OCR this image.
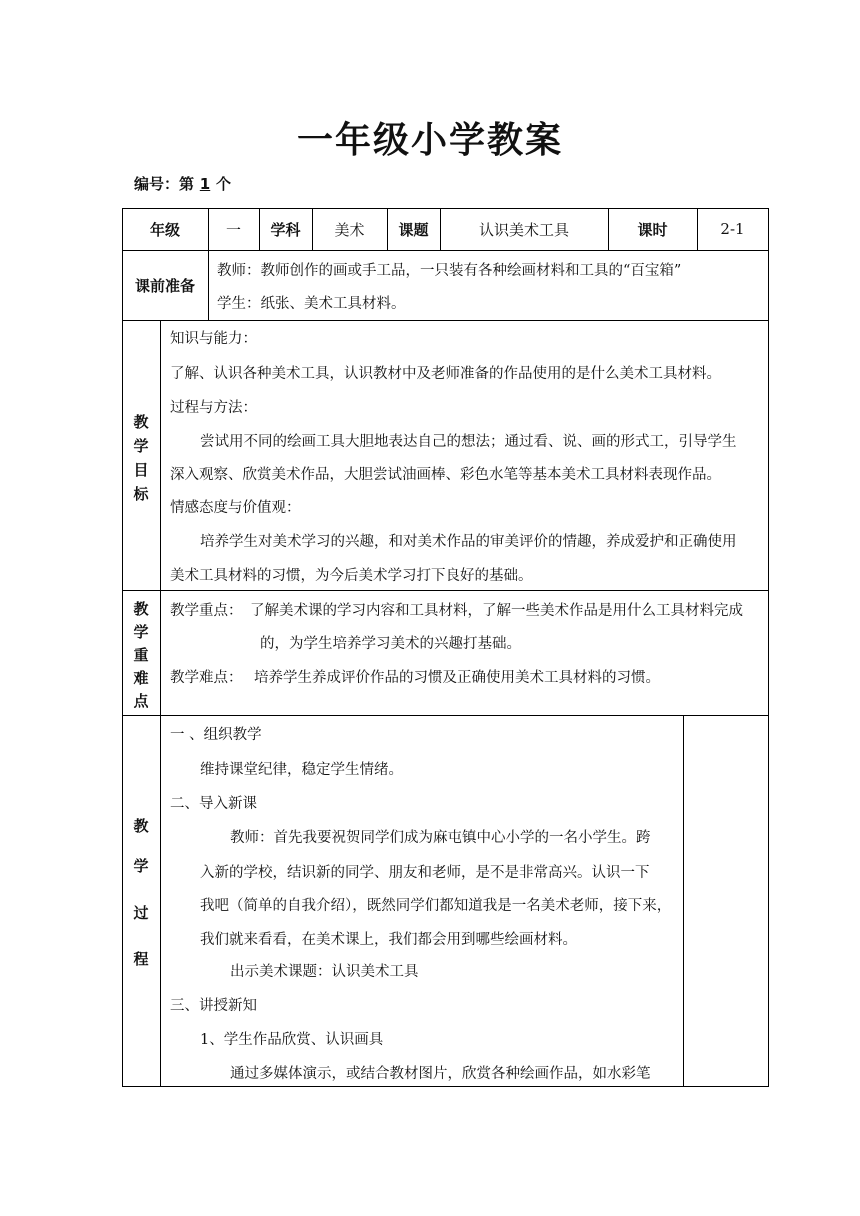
一年级小学教案
编号：第 1 个
年级	一	学科	美术	课题	认识美术工具	课时	2-1
课前准备
教师：教师创作的画或手工品，一只装有各种绘画材料和工具的“百宝箱”
学生：纸张、美术工具材料。
教
学
目
标
知识与能力：
了解、认识各种美术工具，认识教材中及老师准备的作品使用的是什么美术工具材料。
过程与方法：
尝试用不同的绘画工具大胆地表达自己的想法；通过看、说、画的形式工，引导学生
深入观察、欣赏美术作品，大胆尝试油画棒、彩色水笔等基本美术工具材料表现作品。
情感态度与价值观：
培养学生对美术学习的兴趣，和对美术作品的审美评价的情趣，养成爱护和正确使用
美术工具材料的习惯，为今后美术学习打下良好的基础。
教
学
重
难
点
教学重点： 了解美术课的学习内容和工具材料，了解一些美术作品是用什么工具材料完成
的，为学生培养学习美术的兴趣打基础。
教学难点： 培养学生养成评价作品的习惯及正确使用美术工具材料的习惯。
教
学
过
程
一 、组织教学
维持课堂纪律，稳定学生情绪。
二、导入新课
教师：首先我要祝贺同学们成为麻屯镇中心小学的一名小学生。跨
入新的学校，结识新的同学、朋友和老师，是不是非常高兴。认识一下
我吧（简单的自我介绍），既然同学们都知道我是一名美术老师，接下来，
我们就来看看，在美术课上，我们都会用到哪些绘画材料。
出示美术课题：认识美术工具
三、讲授新知
1、学生作品欣赏、认识画具
通过多媒体演示，或结合教材图片，欣赏各种绘画作品，如水彩笔
